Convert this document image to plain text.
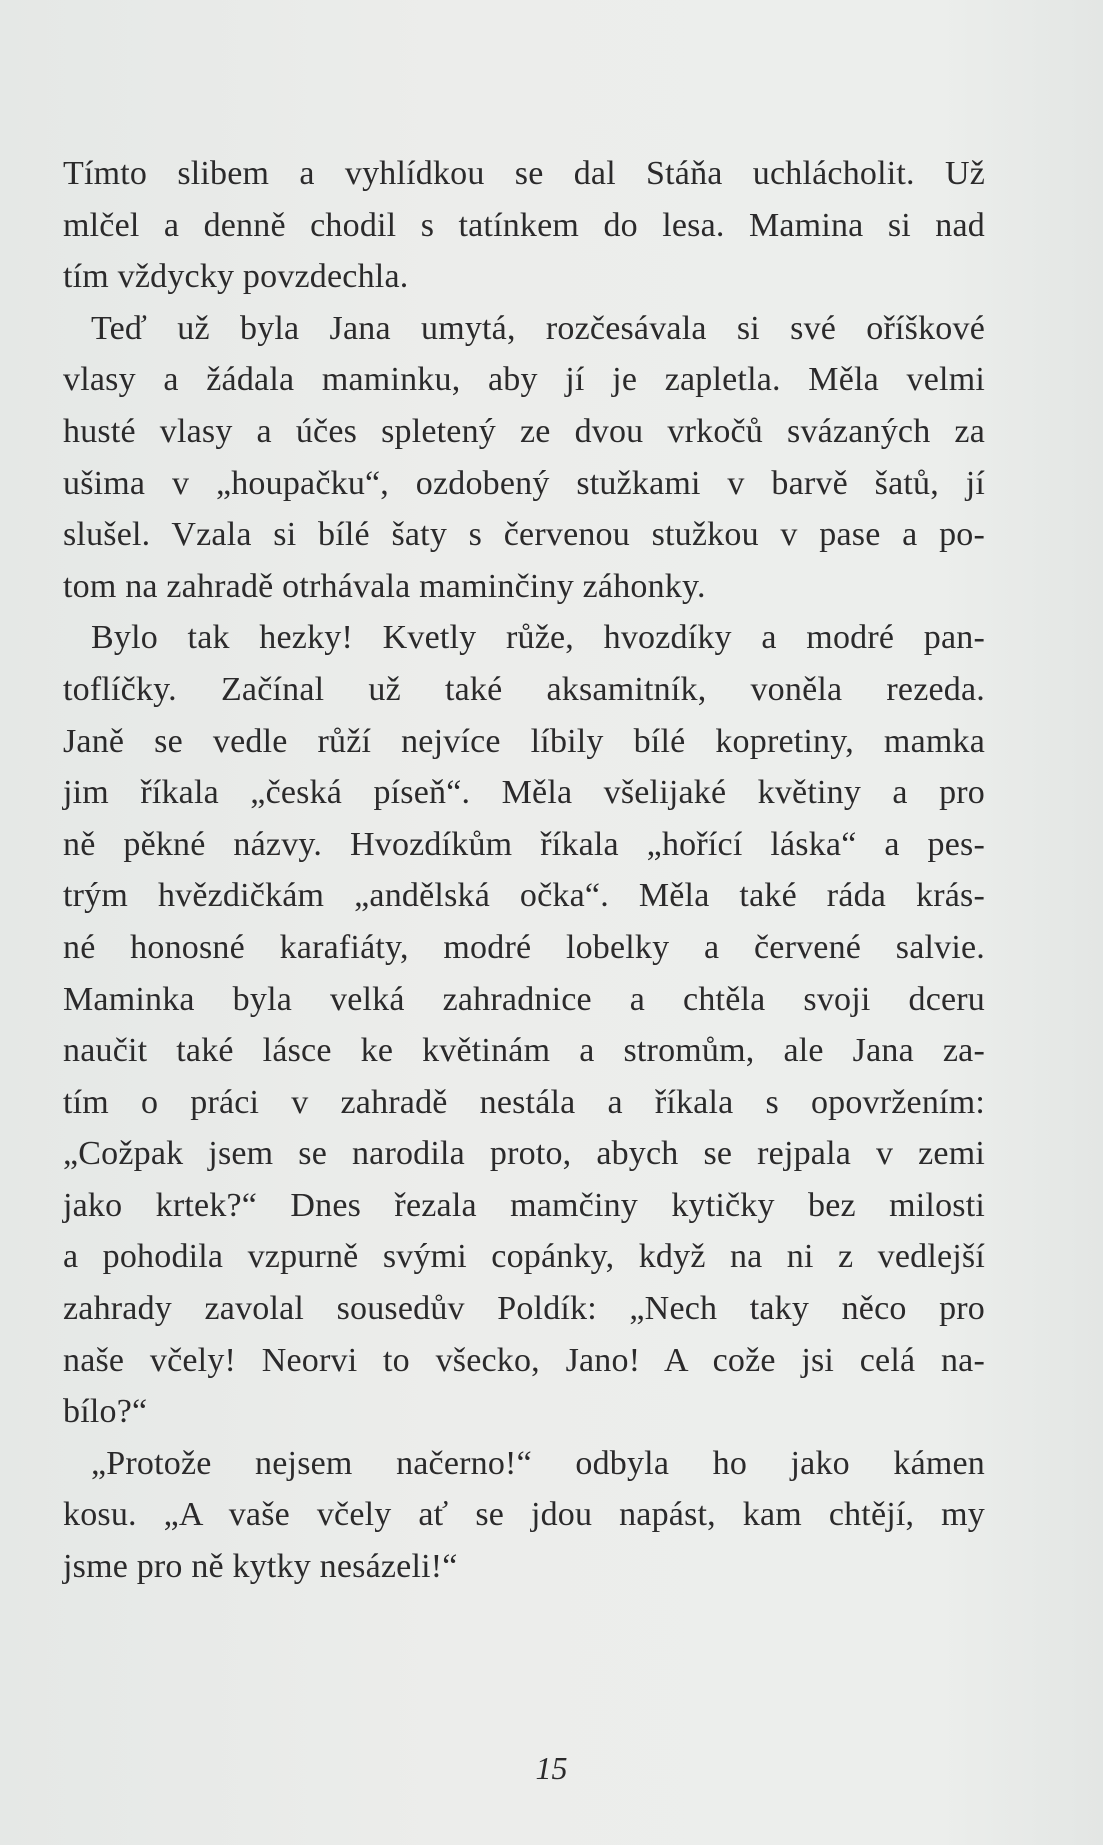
Tímto slibem a vyhlídkou se dal Stáňa uchlácholit. Už
mlčel a denně chodil s tatínkem do lesa. Mamina si nad
tím vždycky povzdechla.
Teď už byla Jana umytá, rozčesávala si své oříškové
vlasy a žádala maminku, aby jí je zapletla. Měla velmi
husté vlasy a účes spletený ze dvou vrkočů svázaných za
ušima v „houpačku“, ozdobený stužkami v barvě šatů, jí
slušel. Vzala si bílé šaty s červenou stužkou v pase a po-
tom na zahradě otrhávala maminčiny záhonky.
Bylo tak hezky! Kvetly růže, hvozdíky a modré pan-
toflíčky. Začínal už také aksamitník, voněla rezeda.
Janě se vedle růží nejvíce líbily bílé kopretiny, mamka
jim říkala „česká píseň“. Měla všelijaké květiny a pro
ně pěkné názvy. Hvozdíkům říkala „hořící láska“ a pes-
trým hvězdičkám „andělská očka“. Měla také ráda krás-
né honosné karafiáty, modré lobelky a červené salvie.
Maminka byla velká zahradnice a chtěla svoji dceru
naučit také lásce ke květinám a stromům, ale Jana za-
tím o práci v zahradě nestála a říkala s opovržením:
„Cožpak jsem se narodila proto, abych se rejpala v zemi
jako krtek?“ Dnes řezala mamčiny kytičky bez milosti
a pohodila vzpurně svými copánky, když na ni z vedlejší
zahrady zavolal sousedův Poldík: „Nech taky něco pro
naše včely! Neorvi to všecko, Jano! A cože jsi celá na-
bílo?“
„Protože nejsem načerno!“ odbyla ho jako kámen
kosu. „A vaše včely ať se jdou napást, kam chtějí, my
jsme pro ně kytky nesázeli!“
15
